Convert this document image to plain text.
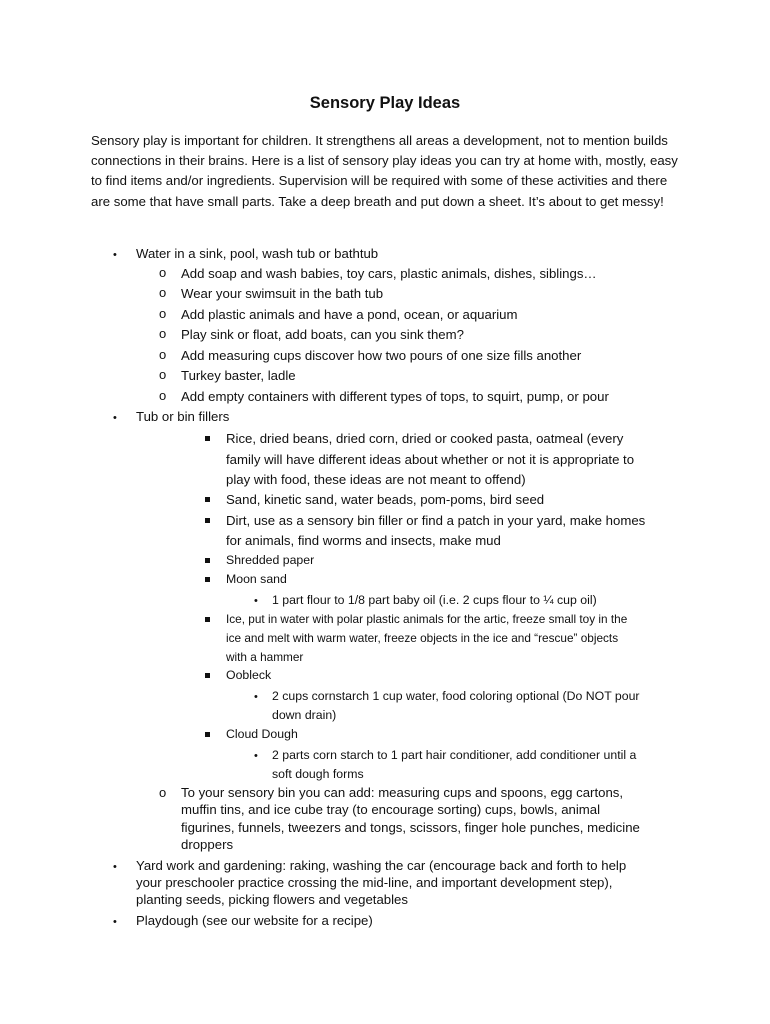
Sensory Play Ideas
Sensory play is important for children. It strengthens all areas a development, not to mention builds connections in their brains. Here is a list of sensory play ideas you can try at home with, mostly, easy to find items and/or ingredients. Supervision will be required with some of these activities and there are some that have small parts. Take a deep breath and put down a sheet. It’s about to get messy!
• Water in a sink, pool, wash tub or bathtub
o Add soap and wash babies, toy cars, plastic animals, dishes, siblings…
o Wear your swimsuit in the bath tub
o Add plastic animals and have a pond, ocean, or aquarium
o Play sink or float, add boats, can you sink them?
o Add measuring cups discover how two pours of one size fills another
o Turkey baster, ladle
o Add empty containers with different types of tops, to squirt, pump, or pour
• Tub or bin fillers
Rice, dried beans, dried corn, dried or cooked pasta, oatmeal (every
family will have different ideas about whether or not it is appropriate to
play with food, these ideas are not meant to offend)
Sand, kinetic sand, water beads, pom-poms, bird seed
Dirt, use as a sensory bin filler or find a patch in your yard, make homes
for animals, find worms and insects, make mud
Shredded paper
Moon sand
• 1 part flour to 1/8 part baby oil (i.e. 2 cups flour to ¼ cup oil)
Ice, put in water with polar plastic animals for the artic, freeze small toy in the
ice and melt with warm water, freeze objects in the ice and “rescue” objects
with a hammer
Oobleck
• 2 cups cornstarch 1 cup water, food coloring optional (Do NOT pour
down drain)
Cloud Dough
• 2 parts corn starch to 1 part hair conditioner, add conditioner until a
soft dough forms
o To your sensory bin you can add: measuring cups and spoons, egg cartons,
muffin tins, and ice cube tray (to encourage sorting) cups, bowls, animal
figurines, funnels, tweezers and tongs, scissors, finger hole punches, medicine
droppers
• Yard work and gardening: raking, washing the car (encourage back and forth to help
your preschooler practice crossing the mid-line, and important development step),
planting seeds, picking flowers and vegetables
• Playdough (see our website for a recipe)
